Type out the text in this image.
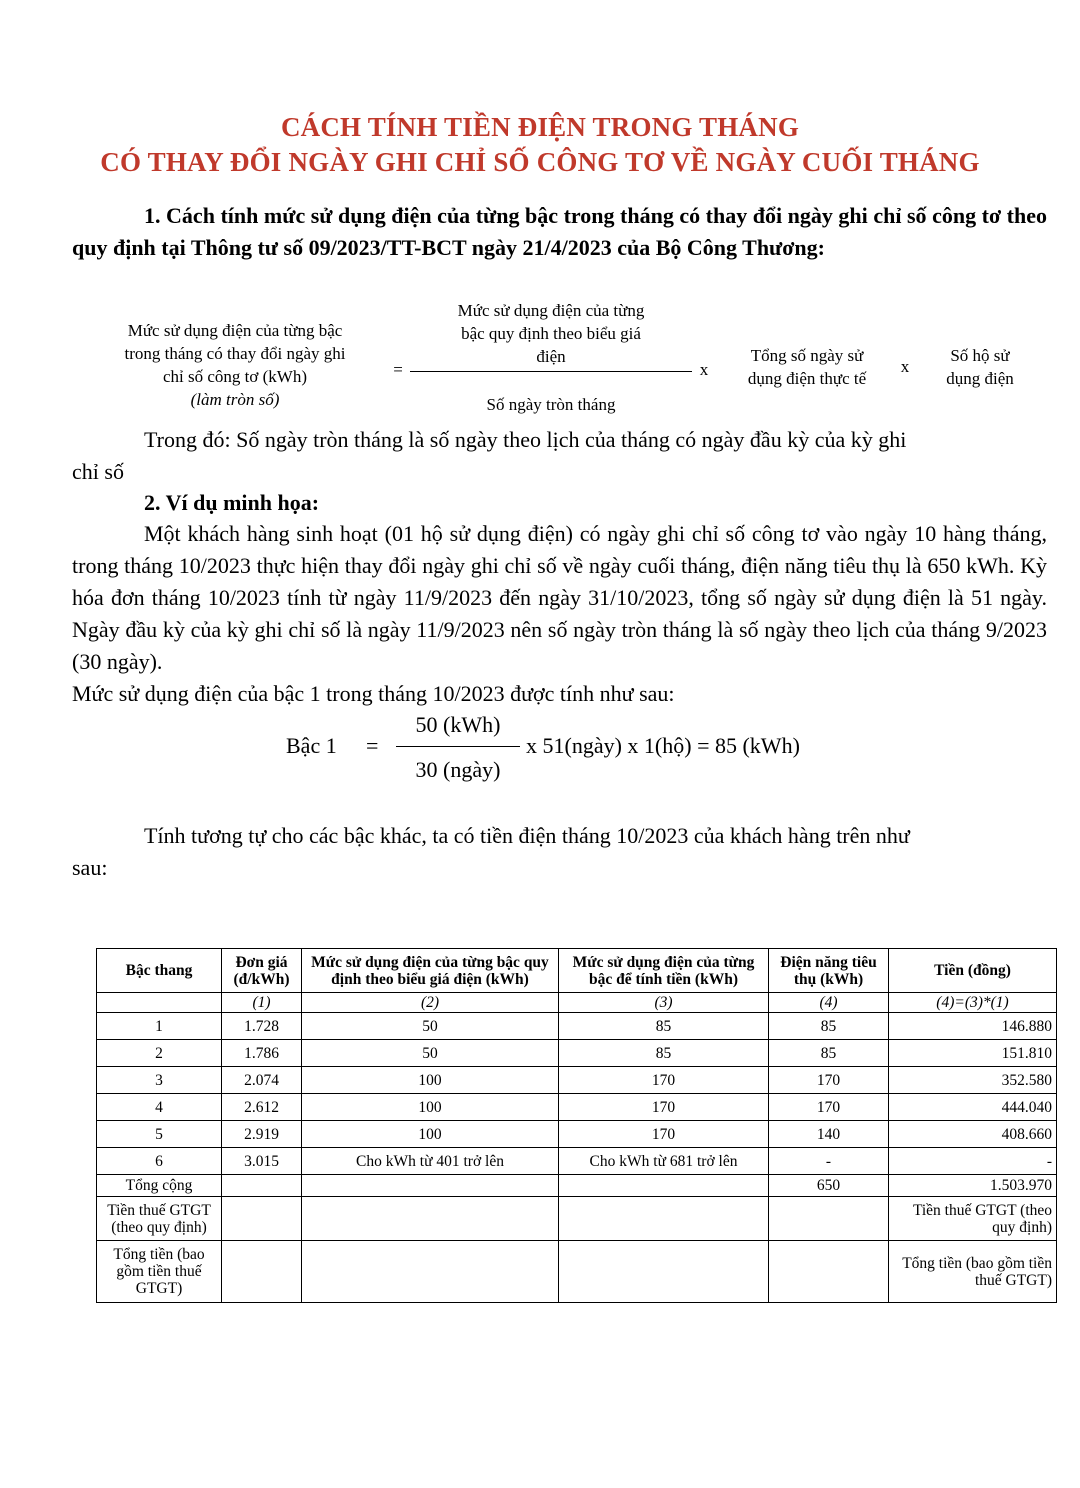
CÁCH TÍNH TIỀN ĐIỆN TRONG THÁNG
CÓ THAY ĐỔI NGÀY GHI CHỈ SỐ CÔNG TƠ VỀ NGÀY CUỐI THÁNG
1. Cách tính mức sử dụng điện của từng bậc trong tháng có thay đổi ngày ghi chỉ số công tơ theo quy định tại Thông tư số 09/2023/TT-BCT ngày 21/4/2023 của Bộ Công Thương:
Mức sử dụng điện của từng bậc
trong tháng có thay đổi ngày ghi
chỉ số công tơ (kWh)
(làm tròn số)
=
Mức sử dụng điện của từng
bậc quy định theo biểu giá
điện
Số ngày tròn tháng
x
Tổng số ngày sử
dụng điện thực tế
x
Số hộ sử
dụng điện
Trong đó: Số ngày tròn tháng là số ngày theo lịch của tháng có ngày đầu kỳ của kỳ ghi
chỉ số
2. Ví dụ minh họa:
Một khách hàng sinh hoạt (01 hộ sử dụng điện) có ngày ghi chỉ số công tơ vào ngày 10 hàng tháng, trong tháng 10/2023 thực hiện thay đổi ngày ghi chỉ số về ngày cuối tháng, điện năng tiêu thụ là 650 kWh. Kỳ hóa đơn tháng 10/2023 tính từ ngày 11/9/2023 đến ngày 31/10/2023, tổng số ngày sử dụng điện là 51 ngày. Ngày đầu kỳ của kỳ ghi chỉ số là ngày 11/9/2023 nên số ngày tròn tháng là số ngày theo lịch của tháng 9/2023 (30 ngày).
Mức sử dụng điện của bậc 1 trong tháng 10/2023 được tính như sau:
Bậc 1 =
50 (kWh)
30 (ngày)
x 51(ngày) x 1(hộ) = 85 (kWh)
Tính tương tự cho các bậc khác, ta có tiền điện tháng 10/2023 của khách hàng trên như
sau:
Bậc thang	Đơn giá (đ/kWh)	Mức sử dụng điện của từng bậc quy định theo biểu giá điện (kWh)	Mức sử dụng điện của từng bậc để tính tiền (kWh)	Điện năng tiêu thụ (kWh)	Tiền (đồng)
	(1)	(2)	(3)	(4)	(4)=(3)*(1)
1	1.728	50	85	85	146.880
2	1.786	50	85	85	151.810
3	2.074	100	170	170	352.580
4	2.612	100	170	170	444.040
5	2.919	100	170	140	408.660
6	3.015	Cho kWh từ 401 trở lên	Cho kWh từ 681 trở lên	-	-
Tổng cộng				650	1.503.970
Tiền thuế GTGT (theo quy định)					Tiền thuế GTGT (theo quy định)
Tổng tiền (bao gồm tiền thuế GTGT)					Tổng tiền (bao gồm tiền thuế GTGT)
